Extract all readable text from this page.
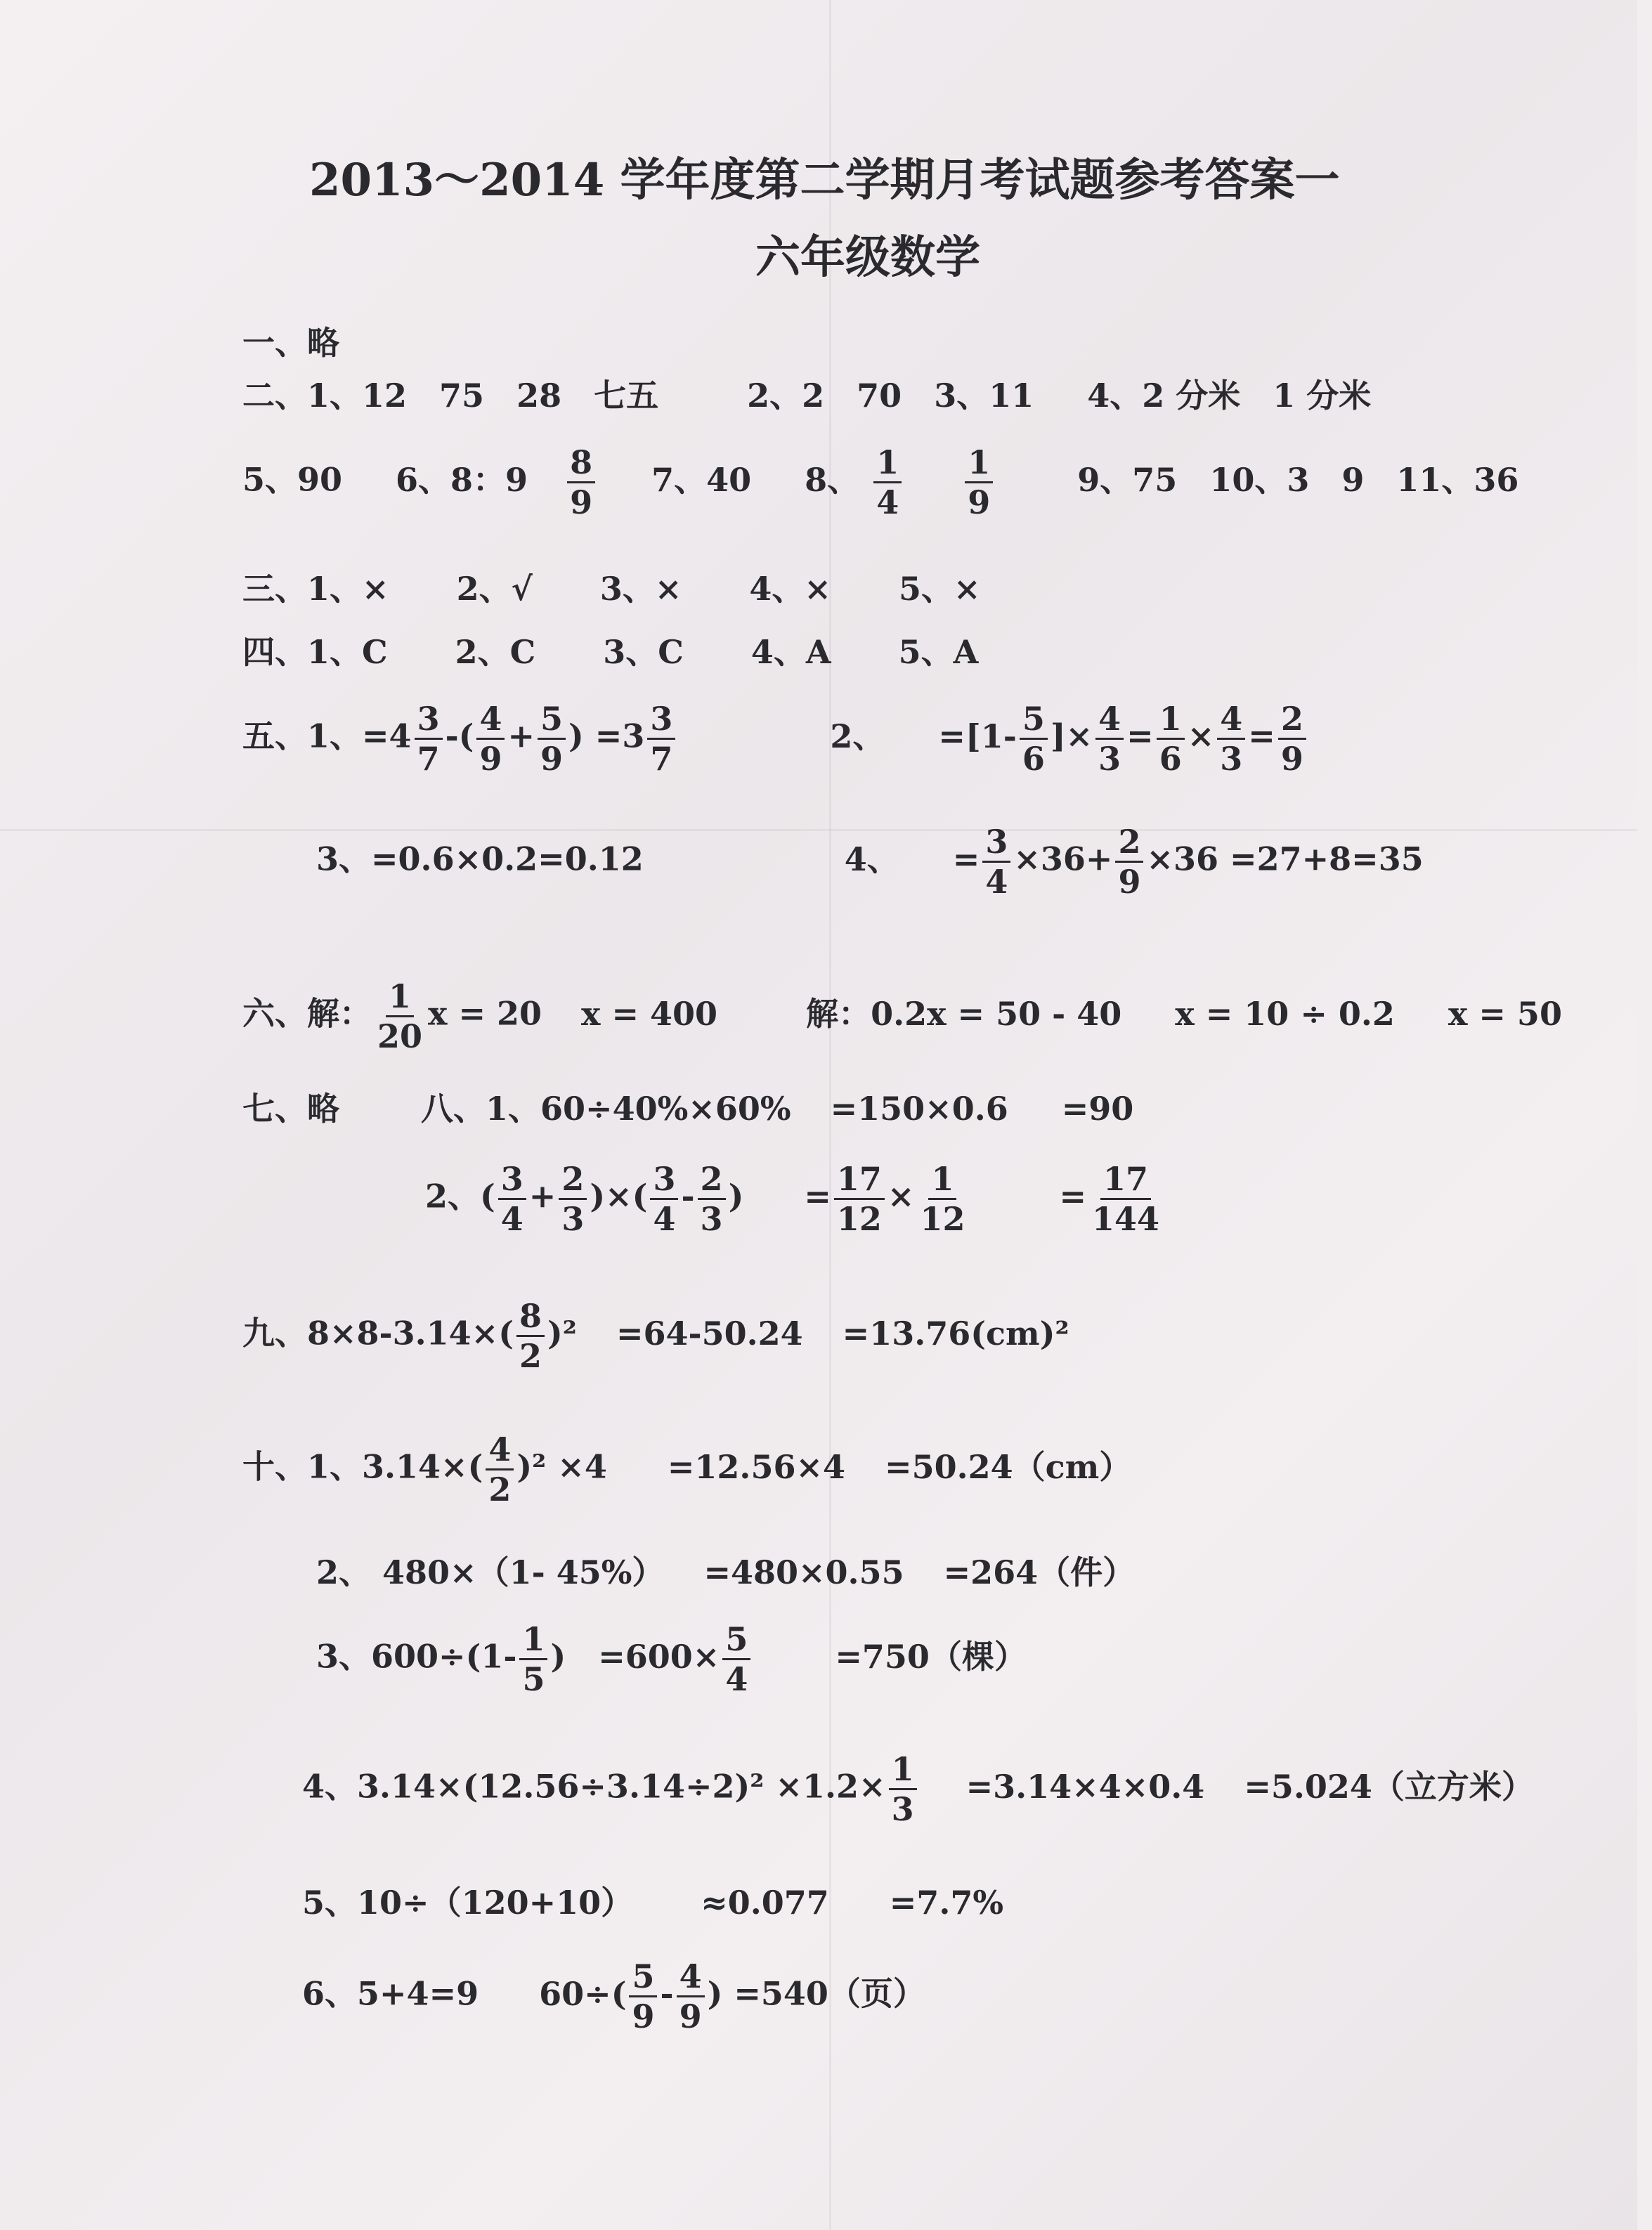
2013～2014 学年度第二学期月考试题参考答案一
六年级数学
一、略
二、1、12 75 28 七五	2、2 70 3、11 4、2 分米 1 分米
5、90 6、8：$9 \frac{8}{9} 7$、40 8、 $\frac{1}{4}$
$\frac{1}{9}$	9、75 10、3 9 11、36
三、1、× 2、√ 3、× 4、× 5、×
四、1、C 2、C 3、C 4、A 5、A
五、1、$=4 \frac{3}{7}$ -( $\frac{4}{9} + \frac{5}{9}$ ) $=3 \frac{3}{7}$	2、 $=[1- \frac{5}{6}$ ]× $\frac{4}{3} = \frac{1}{6} \times \frac{4}{3} = \frac{2}{9}$
3、=0.6×0.2=0.12	4、 = $\frac{3}{4} \times 36+ \frac{2}{9} \times 36 =27+8=35$
六、解： $\frac{1}{20}$ x = 20 x = 400	解：0.2x = 50 - 40 x = 10 ÷ 0.2 x = 50
七、略	八、1、60÷40%×60% =150×0.6 =90
2、( $\frac{3}{4} + \frac{2}{3}$ )×( $\frac{3}{4} - \frac{2}{3}$ ) = $\frac{17}{12} \times \frac{1}{12}$	= $\frac{17}{144}$
九、$8\times 8-3.14\times( \frac{8}{2} )^2 =64-50.24 =13.76(cm)^2$
十、1、$3.14\times( \frac{4}{2} )^2 \times 4 =12.56\times 4 =50.24(cm)$
2、 480×（1- 45%） =480×0.55 =264（件）
3、$600\div(1- \frac{1}{5}$ ) $=600\times \frac{5}{4}$	=750（棵）
4、$3.14\times(12.56\div 3.14\div 2)^2 \times 1.2\times \frac{1}{3} =3.14\times 4\times 0.4 =5.024$（立方米）
5、10÷（120+10） ≈0.077 =7.7%
6、5+4=9 $60\div( \frac{5}{9} - \frac{4}{9}$ ) =540（页）
